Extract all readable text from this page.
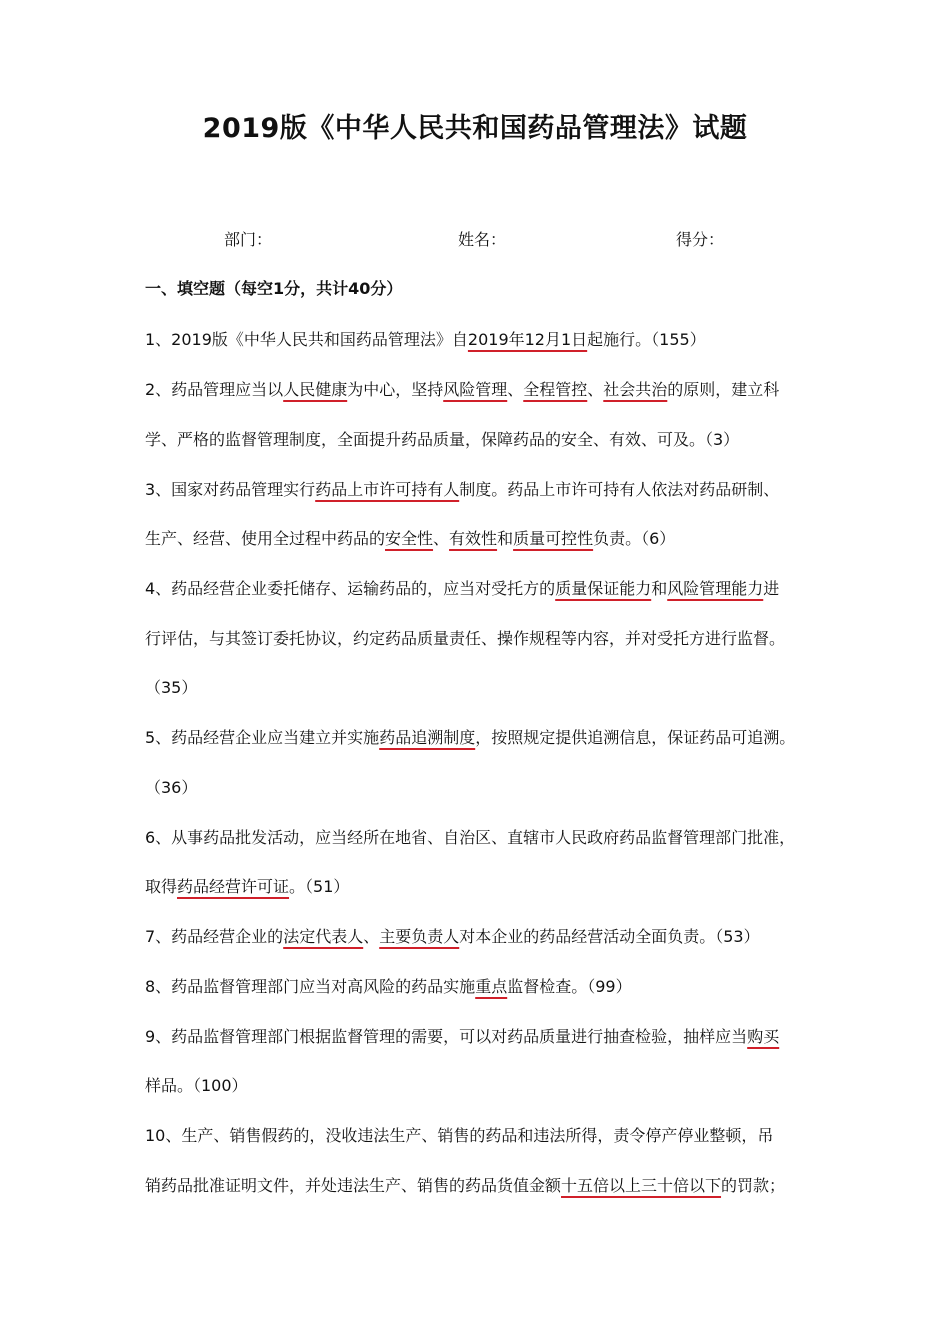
2019版《中华人民共和国药品管理法》试题
部门：	姓名：	得分：
一、填空题（每空1分，共计40分）
1、2019版《中华人民共和国药品管理法》自2019年12月1日起施行。（155）
2、药品管理应当以人民健康为中心，坚持风险管理、全程管控、社会共治的原则，建立科
学、严格的监督管理制度，全面提升药品质量，保障药品的安全、有效、可及。（3）
3、国家对药品管理实行药品上市许可持有人制度。药品上市许可持有人依法对药品研制、
生产、经营、使用全过程中药品的安全性、有效性和质量可控性负责。（6）
4、药品经营企业委托储存、运输药品的，应当对受托方的质量保证能力和风险管理能力进
行评估，与其签订委托协议，约定药品质量责任、操作规程等内容，并对受托方进行监督。
（35）
5、药品经营企业应当建立并实施药品追溯制度，按照规定提供追溯信息，保证药品可追溯。
（36）
6、从事药品批发活动，应当经所在地省、自治区、直辖市人民政府药品监督管理部门批准，
取得药品经营许可证。（51）
7、药品经营企业的法定代表人、主要负责人对本企业的药品经营活动全面负责。（53）
8、药品监督管理部门应当对高风险的药品实施重点监督检查。（99）
9、药品监督管理部门根据监督管理的需要，可以对药品质量进行抽查检验，抽样应当购买
样品。（100）
10、生产、销售假药的，没收违法生产、销售的药品和违法所得，责令停产停业整顿，吊
销药品批准证明文件，并处违法生产、销售的药品货值金额十五倍以上三十倍以下的罚款；
